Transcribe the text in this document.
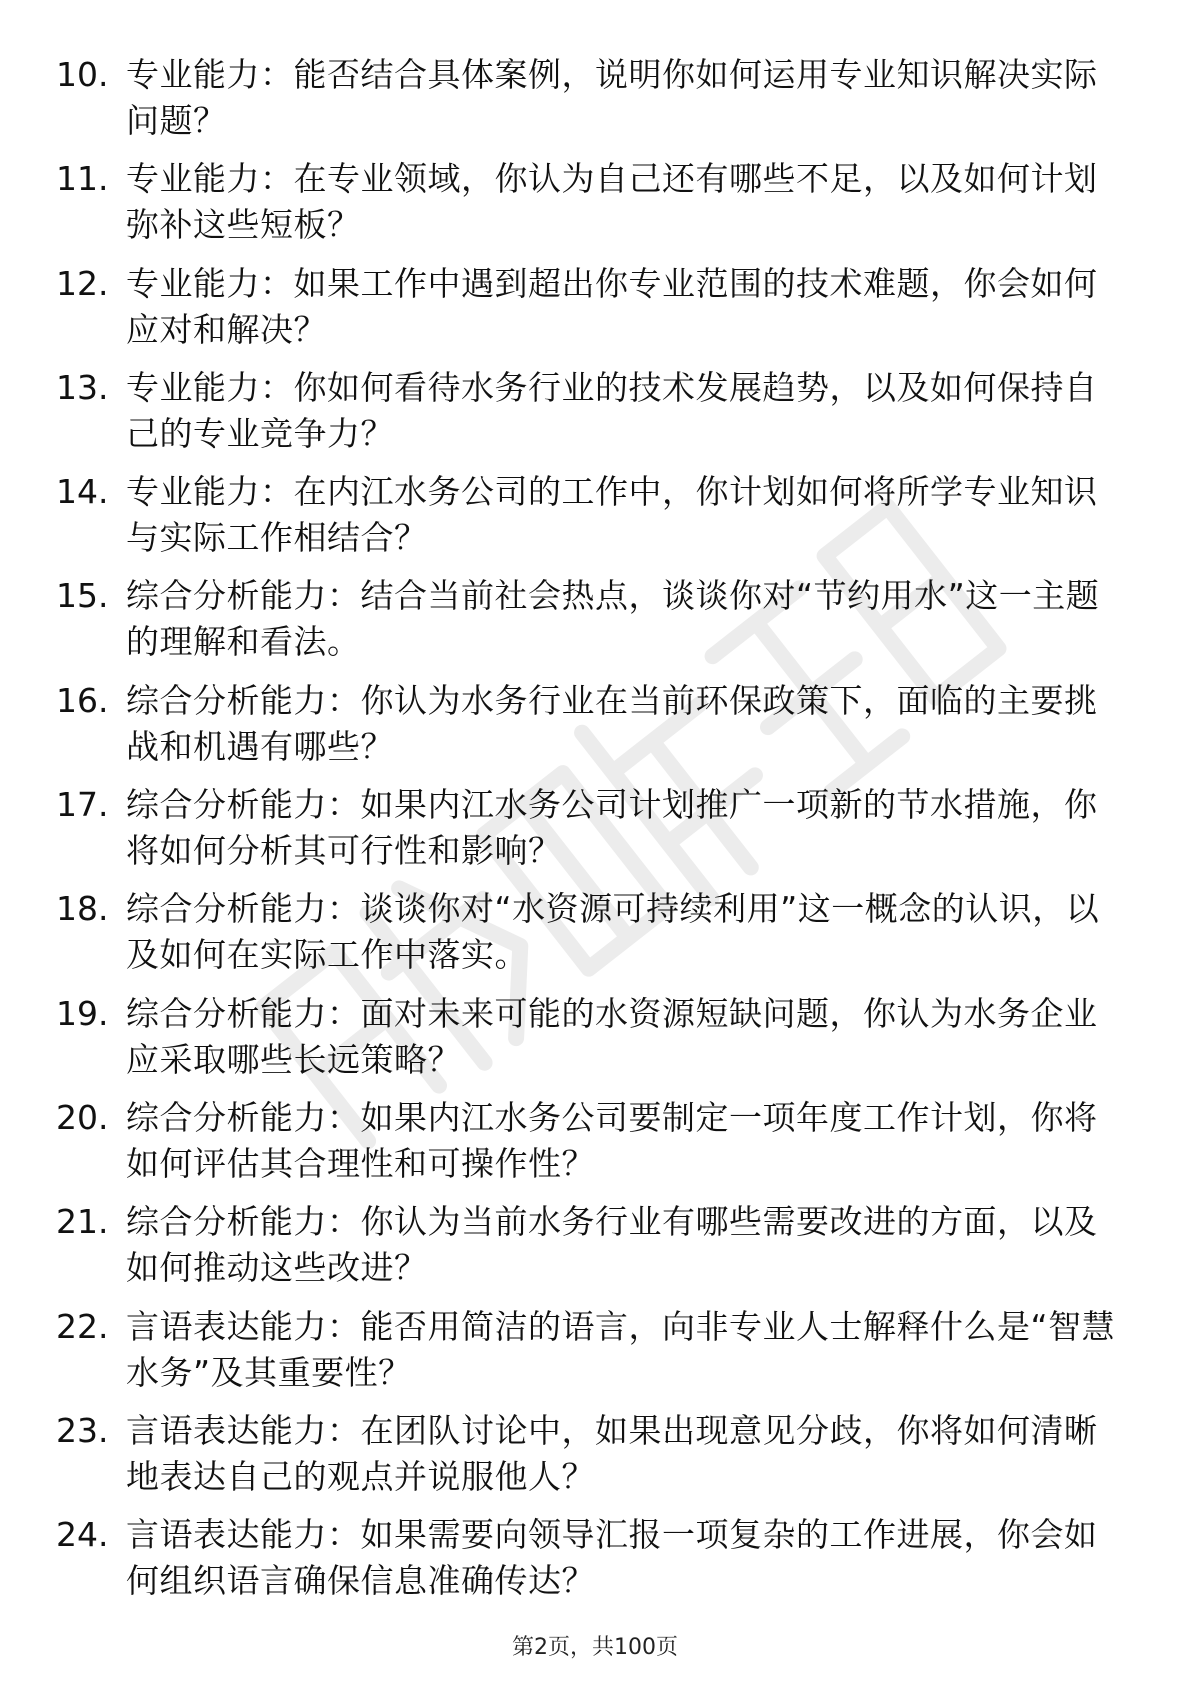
10. 专业能力：能否结合具体案例，说明你如何运用专业知识解决实际问题？
11. 专业能力：在专业领域，你认为自己还有哪些不足，以及如何计划弥补这些短板？
12. 专业能力：如果工作中遇到超出你专业范围的技术难题，你会如何应对和解决？
13. 专业能力：你如何看待水务行业的技术发展趋势，以及如何保持自己的专业竞争力？
14. 专业能力：在内江水务公司的工作中，你计划如何将所学专业知识与实际工作相结合？
15. 综合分析能力：结合当前社会热点，谈谈你对“节约用水”这一主题的理解和看法。
16. 综合分析能力：你认为水务行业在当前环保政策下，面临的主要挑战和机遇有哪些？
17. 综合分析能力：如果内江水务公司计划推广一项新的节水措施，你将如何分析其可行性和影响？
18. 综合分析能力：谈谈你对“水资源可持续利用”这一概念的认识，以及如何在实际工作中落实。
19. 综合分析能力：面对未来可能的水资源短缺问题，你认为水务企业应采取哪些长远策略？
20. 综合分析能力：如果内江水务公司要制定一项年度工作计划，你将如何评估其合理性和可操作性？
21. 综合分析能力：你认为当前水务行业有哪些需要改进的方面，以及如何推动这些改进？
22. 言语表达能力：能否用简洁的语言，向非专业人士解释什么是“智慧水务”及其重要性？
23. 言语表达能力：在团队讨论中，如果出现意见分歧，你将如何清晰地表达自己的观点并说服他人？
24. 言语表达能力：如果需要向领导汇报一项复杂的工作进展，你会如何组织语言确保信息准确传达？
第2页，共100页
